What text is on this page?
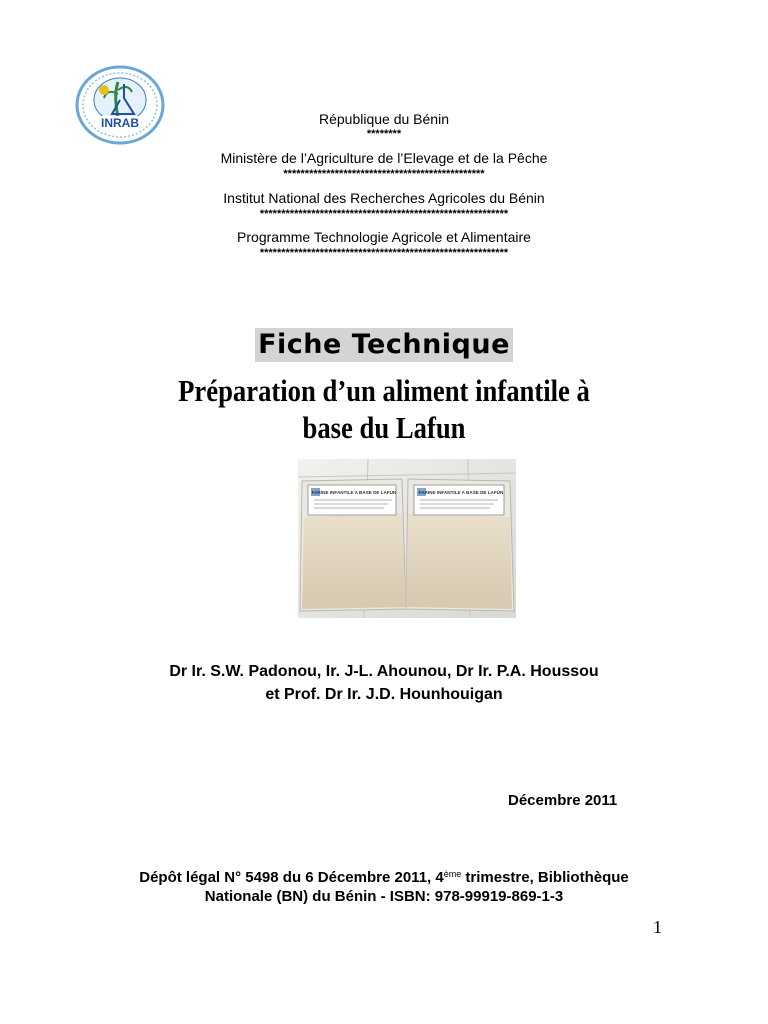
INRAB	République du Bénin
********
Ministère de l’Agriculture de l’Elevage et de la Pêche
***********************************************
Institut National des Recherches Agricoles du Bénin
**********************************************************
Programme Technologie Agricole et Alimentaire
**********************************************************
Fiche Technique
Préparation d’un aliment infantile à
base du Lafun
FARINE INFANTILE A BASE DE LAFUN	FARINE INFANTILE A BASE DE LAFUN
Dr Ir. S.W. Padonou, Ir. J-L. Ahounou, Dr Ir. P.A. Houssou
et Prof. Dr Ir. J.D. Hounhouigan
Décembre 2011
Dépôt légal N° 5498 du 6 Décembre 2011, 4ème trimestre, Bibliothèque
Nationale (BN) du Bénin - ISBN: 978-99919-869-1-3
1
